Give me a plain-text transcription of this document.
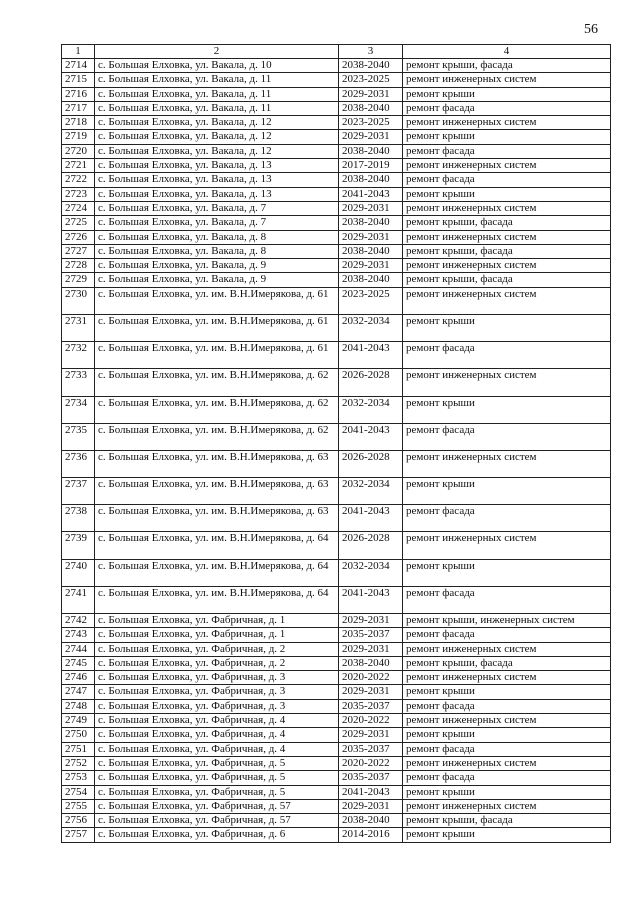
56
1	2	3	4
2714	с. Большая Елховка, ул. Вакала, д. 10	2038-2040	ремонт крыши, фасада
2715	с. Большая Елховка, ул. Вакала, д. 11	2023-2025	ремонт инженерных систем
2716	с. Большая Елховка, ул. Вакала, д. 11	2029-2031	ремонт крыши
2717	с. Большая Елховка, ул. Вакала, д. 11	2038-2040	ремонт фасада
2718	с. Большая Елховка, ул. Вакала, д. 12	2023-2025	ремонт инженерных систем
2719	с. Большая Елховка, ул. Вакала, д. 12	2029-2031	ремонт крыши
2720	с. Большая Елховка, ул. Вакала, д. 12	2038-2040	ремонт фасада
2721	с. Большая Елховка, ул. Вакала, д. 13	2017-2019	ремонт инженерных систем
2722	с. Большая Елховка, ул. Вакала, д. 13	2038-2040	ремонт фасада
2723	с. Большая Елховка, ул. Вакала, д. 13	2041-2043	ремонт крыши
2724	с. Большая Елховка, ул. Вакала, д. 7	2029-2031	ремонт инженерных систем
2725	с. Большая Елховка, ул. Вакала, д. 7	2038-2040	ремонт крыши, фасада
2726	с. Большая Елховка, ул. Вакала, д. 8	2029-2031	ремонт инженерных систем
2727	с. Большая Елховка, ул. Вакала, д. 8	2038-2040	ремонт крыши, фасада
2728	с. Большая Елховка, ул. Вакала, д. 9	2029-2031	ремонт инженерных систем
2729	с. Большая Елховка, ул. Вакала, д. 9	2038-2040	ремонт крыши, фасада
2730	с. Большая Елховка, ул. им. В.Н.Имерякова, д. 61	2023-2025	ремонт инженерных систем
2731	с. Большая Елховка, ул. им. В.Н.Имерякова, д. 61	2032-2034	ремонт крыши
2732	с. Большая Елховка, ул. им. В.Н.Имерякова, д. 61	2041-2043	ремонт фасада
2733	с. Большая Елховка, ул. им. В.Н.Имерякова, д. 62	2026-2028	ремонт инженерных систем
2734	с. Большая Елховка, ул. им. В.Н.Имерякова, д. 62	2032-2034	ремонт крыши
2735	с. Большая Елховка, ул. им. В.Н.Имерякова, д. 62	2041-2043	ремонт фасада
2736	с. Большая Елховка, ул. им. В.Н.Имерякова, д. 63	2026-2028	ремонт инженерных систем
2737	с. Большая Елховка, ул. им. В.Н.Имерякова, д. 63	2032-2034	ремонт крыши
2738	с. Большая Елховка, ул. им. В.Н.Имерякова, д. 63	2041-2043	ремонт фасада
2739	с. Большая Елховка, ул. им. В.Н.Имерякова, д. 64	2026-2028	ремонт инженерных систем
2740	с. Большая Елховка, ул. им. В.Н.Имерякова, д. 64	2032-2034	ремонт крыши
2741	с. Большая Елховка, ул. им. В.Н.Имерякова, д. 64	2041-2043	ремонт фасада
2742	с. Большая Елховка, ул. Фабричная, д. 1	2029-2031	ремонт крыши, инженерных систем
2743	с. Большая Елховка, ул. Фабричная, д. 1	2035-2037	ремонт фасада
2744	с. Большая Елховка, ул. Фабричная, д. 2	2029-2031	ремонт инженерных систем
2745	с. Большая Елховка, ул. Фабричная, д. 2	2038-2040	ремонт крыши, фасада
2746	с. Большая Елховка, ул. Фабричная, д. 3	2020-2022	ремонт инженерных систем
2747	с. Большая Елховка, ул. Фабричная, д. 3	2029-2031	ремонт крыши
2748	с. Большая Елховка, ул. Фабричная, д. 3	2035-2037	ремонт фасада
2749	с. Большая Елховка, ул. Фабричная, д. 4	2020-2022	ремонт инженерных систем
2750	с. Большая Елховка, ул. Фабричная, д. 4	2029-2031	ремонт крыши
2751	с. Большая Елховка, ул. Фабричная, д. 4	2035-2037	ремонт фасада
2752	с. Большая Елховка, ул. Фабричная, д. 5	2020-2022	ремонт инженерных систем
2753	с. Большая Елховка, ул. Фабричная, д. 5	2035-2037	ремонт фасада
2754	с. Большая Елховка, ул. Фабричная, д. 5	2041-2043	ремонт крыши
2755	с. Большая Елховка, ул. Фабричная, д. 57	2029-2031	ремонт инженерных систем
2756	с. Большая Елховка, ул. Фабричная, д. 57	2038-2040	ремонт крыши, фасада
2757	с. Большая Елховка, ул. Фабричная, д. 6	2014-2016	ремонт крыши
